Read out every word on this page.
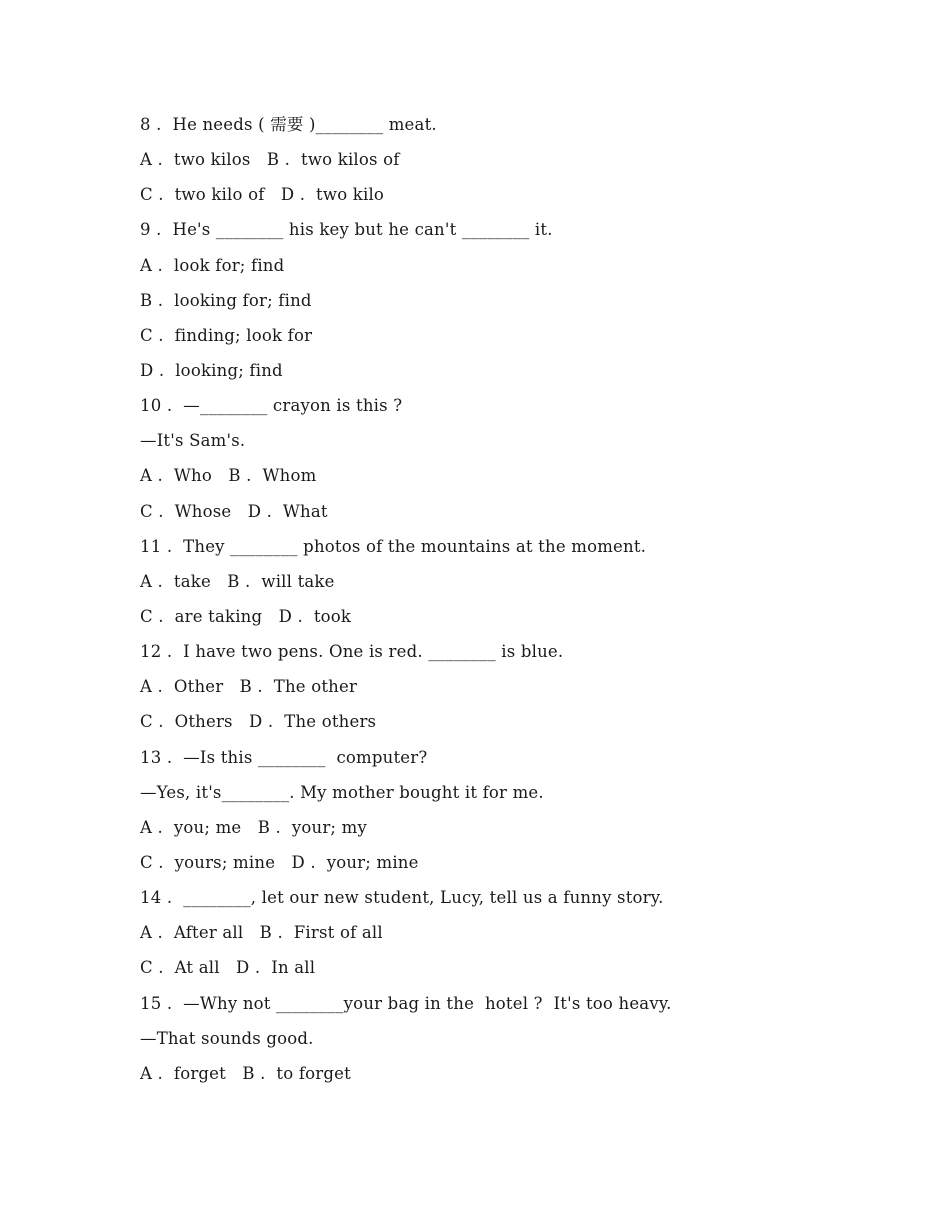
8 .  He needs ( 需要 )________ meat.
A .  two kilos   B .  two kilos of
C .  two kilo of   D .  two kilo
9 .  He's ________ his key but he can't ________ it.
A .  look for; find
B .  looking for; find
C .  finding; look for
D .  looking; find
10 .  —________ crayon is this ?
—It's Sam's.
A .  Who   B .  Whom
C .  Whose   D .  What
11 .  They ________ photos of the mountains at the moment.
A .  take   B .  will take
C .  are taking   D .  took
12 .  I have two pens. One is red. ________ is blue.
A .  Other   B .  The other
C .  Others   D .  The others
13 .  —Is this ________  computer?
—Yes, it's________. My mother bought it for me.
A .  you; me   B .  your; my
C .  yours; mine   D .  your; mine
14 .  ________, let our new student, Lucy, tell us a funny story.
A .  After all   B .  First of all
C .  At all   D .  In all
15 .  —Why not ________your bag in the  hotel ?  It's too heavy.
—That sounds good.
A .  forget   B .  to forget
